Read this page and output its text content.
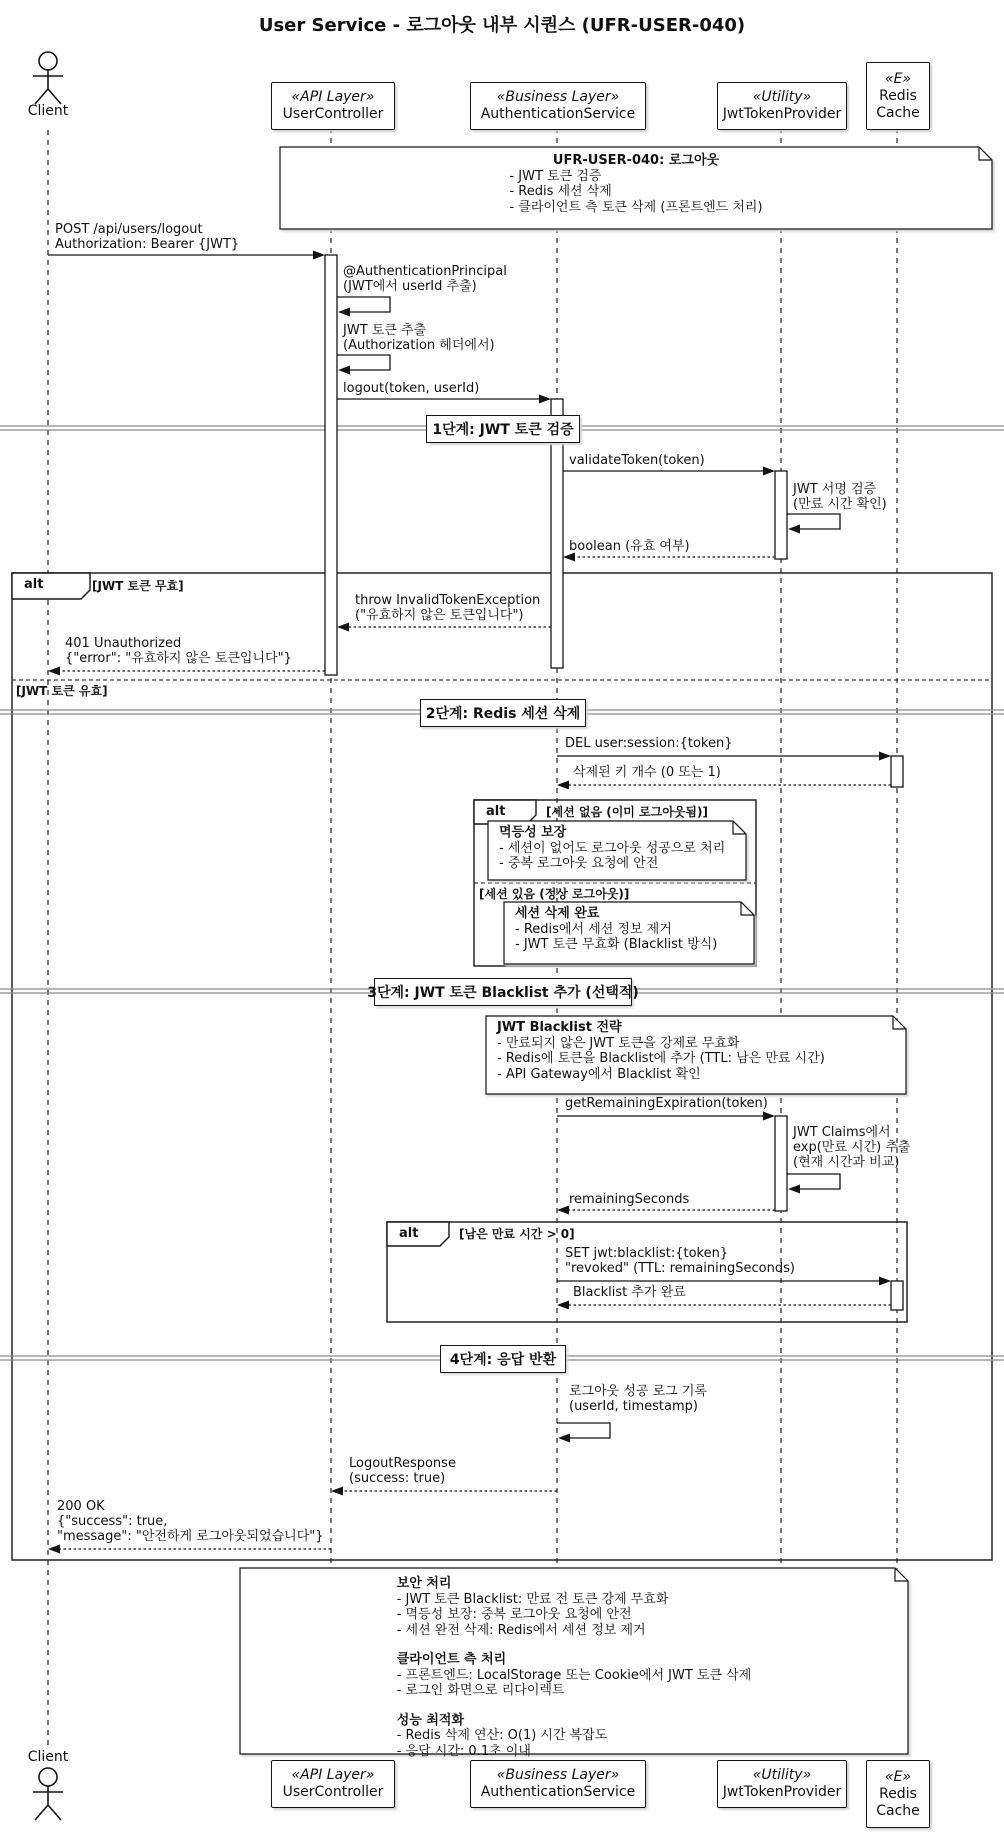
User Service - 로그아웃 내부 시퀀스 (UFR-USER-040)
Client
Client
«API Layer»
UserController
«API Layer»
UserController
«Business Layer»
AuthenticationService
«Business Layer»
AuthenticationService
«Utility»
JwtTokenProvider
«Utility»
JwtTokenProvider
«E»
Redis
Cache
«E»
Redis
Cache
alt	[JWT 토큰 무효]
[JWT 토큰 유효]
alt	[세션 없음 (이미 로그아웃됨)]
[세션 있음 (정상 로그아웃)]
alt	[남은 만료 시간 > 0]
1단계: JWT 토큰 검증
2단계: Redis 세션 삭제
3단계: JWT 토큰 Blacklist 추가 (선택적)
4단계: 응답 반환
UFR-USER-040: 로그아웃
- JWT 토큰 검증
- Redis 세션 삭제
- 클라이언트 측 토큰 삭제 (프론트엔드 처리)
멱등성 보장
- 세션이 없어도 로그아웃 성공으로 처리
- 중복 로그아웃 요청에 안전
세션 삭제 완료
- Redis에서 세션 정보 제거
- JWT 토큰 무효화 (Blacklist 방식)
JWT Blacklist 전략
- 만료되지 않은 JWT 토큰을 강제로 무효화
- Redis에 토큰을 Blacklist에 추가 (TTL: 남은 만료 시간)
- API Gateway에서 Blacklist 확인
보안 처리
- JWT 토큰 Blacklist: 만료 전 토큰 강제 무효화
- 멱등성 보장: 중복 로그아웃 요청에 안전
- 세션 완전 삭제: Redis에서 세션 정보 제거
클라이언트 측 처리
- 프론트엔드: LocalStorage 또는 Cookie에서 JWT 토큰 삭제
- 로그인 화면으로 리다이렉트
성능 최적화
- Redis 삭제 연산: O(1) 시간 복잡도
- 응답 시간: 0.1초 이내
POST /api/users/logout
Authorization: Bearer {JWT}
@AuthenticationPrincipal
(JWT에서 userId 추출)
JWT 토큰 추출
(Authorization 헤더에서)
logout(token, userId)
validateToken(token)
JWT 서명 검증
(만료 시간 확인)
boolean (유효 여부)
throw InvalidTokenException
("유효하지 않은 토큰입니다")
401 Unauthorized
{"error": "유효하지 않은 토큰입니다"}
DEL user:session:{token}
삭제된 키 개수 (0 또는 1)
getRemainingExpiration(token)
JWT Claims에서
exp(만료 시간) 추출
(현재 시간과 비교)
remainingSeconds
SET jwt:blacklist:{token}
"revoked" (TTL: remainingSeconds)
Blacklist 추가 완료
로그아웃 성공 로그 기록
(userId, timestamp)
LogoutResponse
(success: true)
200 OK
{"success": true,
"message": "안전하게 로그아웃되었습니다"}
